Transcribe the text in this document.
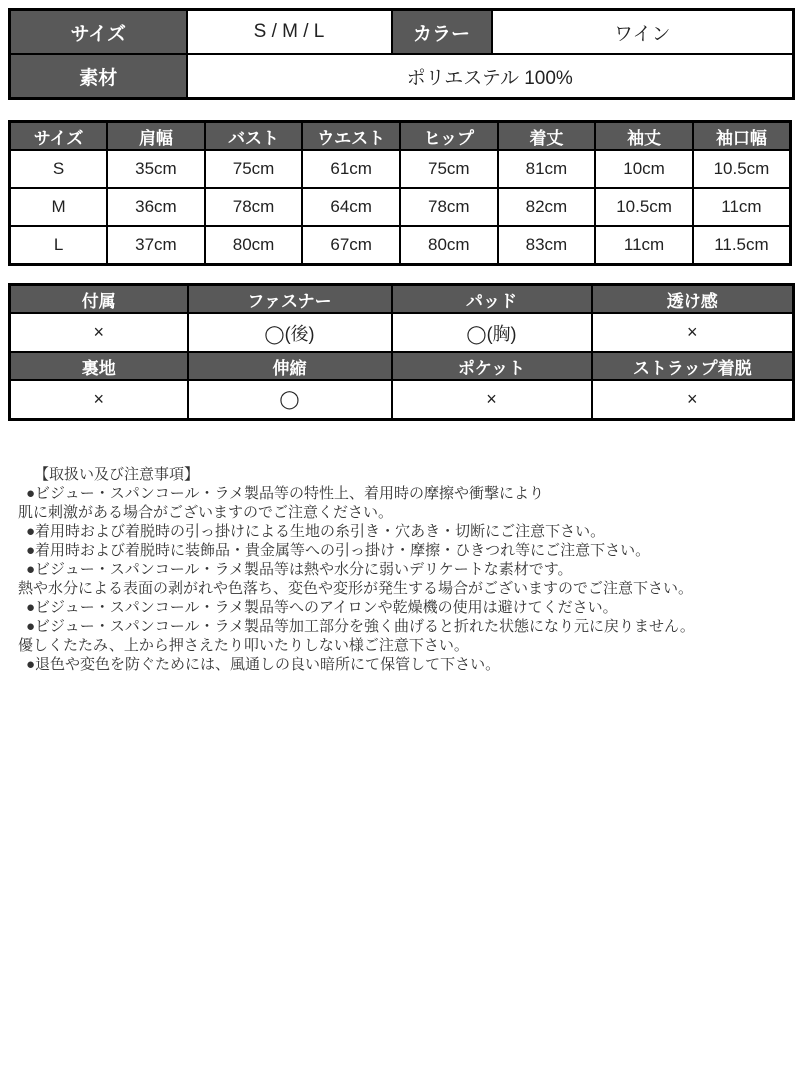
サイズ	S / M / L	カラー	ワイン
素材	ポリエステル 100%		
サイズ	肩幅	バスト	ウエスト	ヒップ	着丈	袖丈	袖口幅
S	35cm	75cm	61cm	75cm	81cm	10cm	10.5cm
M	36cm	78cm	64cm	78cm	82cm	10.5cm	11cm
L	37cm	80cm	67cm	80cm	83cm	11cm	11.5cm
付属	ファスナー	パッド	透け感
×	◯(後)	◯(胸)	×
裏地	伸縮	ポケット	ストラップ着脱
×	◯	×	×
【取扱い及び注意事項】
●ビジュー・スパンコール・ラメ製品等の特性上、着用時の摩擦や衝撃により
肌に刺激がある場合がございますのでご注意ください。
●着用時および着脱時の引っ掛けによる生地の糸引き・穴あき・切断にご注意下さい。
●着用時および着脱時に装飾品・貴金属等への引っ掛け・摩擦・ひきつれ等にご注意下さい。
●ビジュー・スパンコール・ラメ製品等は熱や水分に弱いデリケートな素材です。
熱や水分による表面の剥がれや色落ち、変色や変形が発生する場合がございますのでご注意下さい。
●ビジュー・スパンコール・ラメ製品等へのアイロンや乾燥機の使用は避けてください。
●ビジュー・スパンコール・ラメ製品等加工部分を強く曲げると折れた状態になり元に戻りません。
優しくたたみ、上から押さえたり叩いたりしない様ご注意下さい。
●退色や変色を防ぐためには、風通しの良い暗所にて保管して下さい。
